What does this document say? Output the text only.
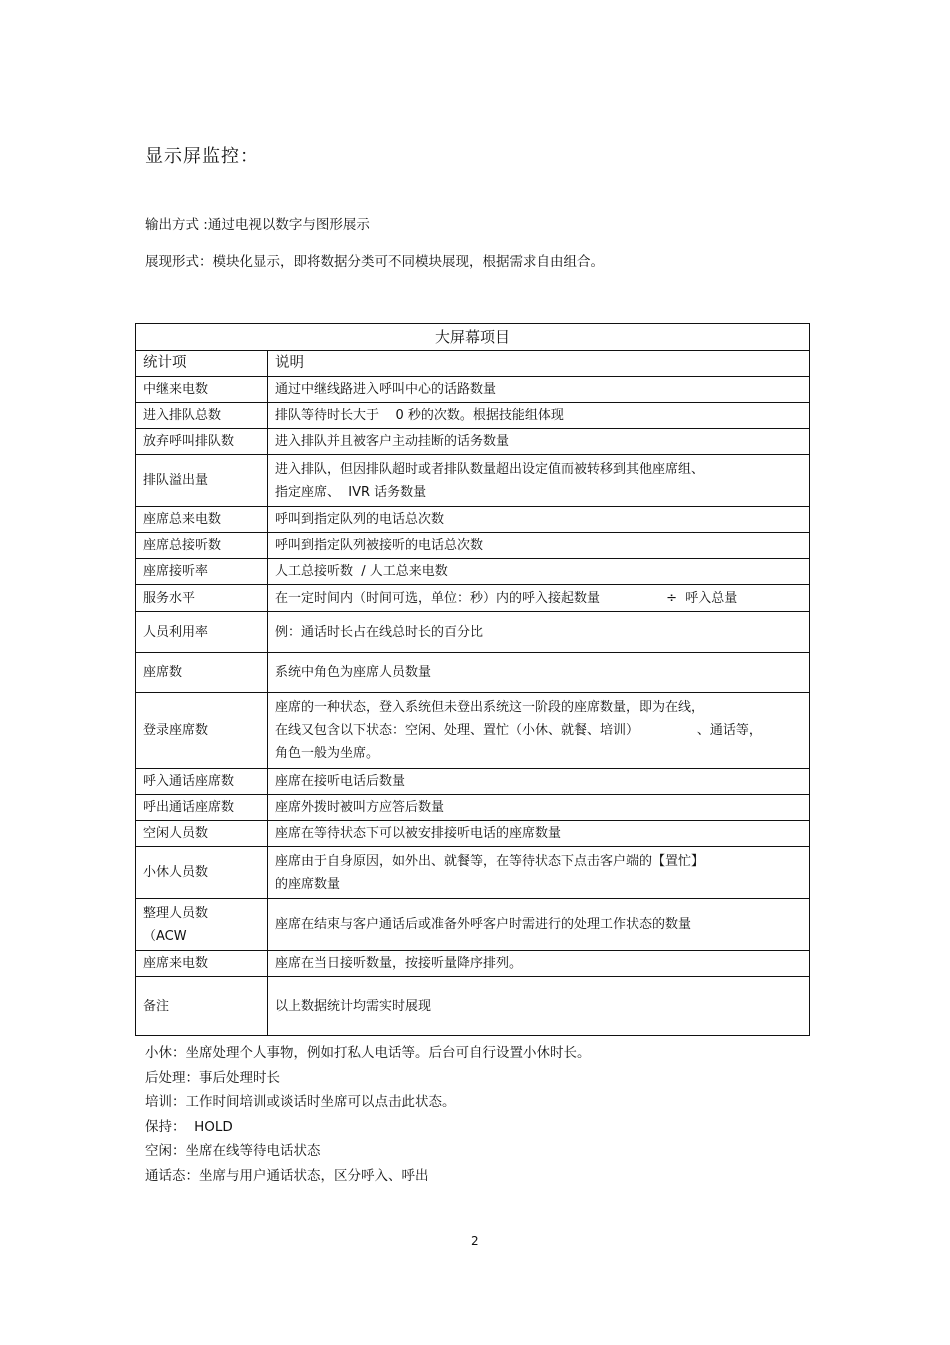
显示屏监控：
输出方式 :通过电视以数字与图形展示
展现形式：模块化显示，即将数据分类可不同模块展现，根据需求自由组合。
大屏幕项目	
统计项	说明

中继来电数	通过中继线路进入呼叫中心的话路数量

进入排队总数	排队等待时长大于    0 秒的次数。根据技能组体现

放弃呼叫排队数	进入排队并且被客户主动挂断的话务数量

排队溢出量	进入排队，但因排队超时或者排队数量超出设定值而被转移到其他座席组、
指定座席、  IVR 话务数量

座席总来电数	呼叫到指定队列的电话总次数

座席总接听数	呼叫到指定队列被接听的电话总次数

座席接听率	人工总接听数  / 人工总来电数

服务水平	在一定时间内（时间可选，单位：秒）内的呼入接起数量                ÷  呼入总量

人员利用率	例：通话时长占在线总时长的百分比

座席数	系统中角色为座席人员数量

登录座席数	座席的一种状态，登入系统但未登出系统这一阶段的座席数量，即为在线，
在线又包含以下状态：空闲、处理、置忙（小休、就餐、培训）              、通话等，
角色一般为坐席。

呼入通话座席数	座席在接听电话后数量

呼出通话座席数	座席外拨时被叫方应答后数量

空闲人员数	座席在等待状态下可以被安排接听电话的座席数量

小休人员数	座席由于自身原因，如外出、就餐等，在等待状态下点击客户端的【置忙】
的座席数量

整理人员数
（ACW	座席在结束与客户通话后或准备外呼客户时需进行的处理工作状态的数量

座席来电数	座席在当日接听数量，按接听量降序排列。

备注	以上数据统计均需实时展现
小休：坐席处理个人事物，例如打私人电话等。后台可自行设置小休时长。
后处理：事后处理时长
培训：工作时间培训或谈话时坐席可以点击此状态。
保持：  HOLD
空闲：坐席在线等待电话状态
通话态：坐席与用户通话状态，区分呼入、呼出
2
